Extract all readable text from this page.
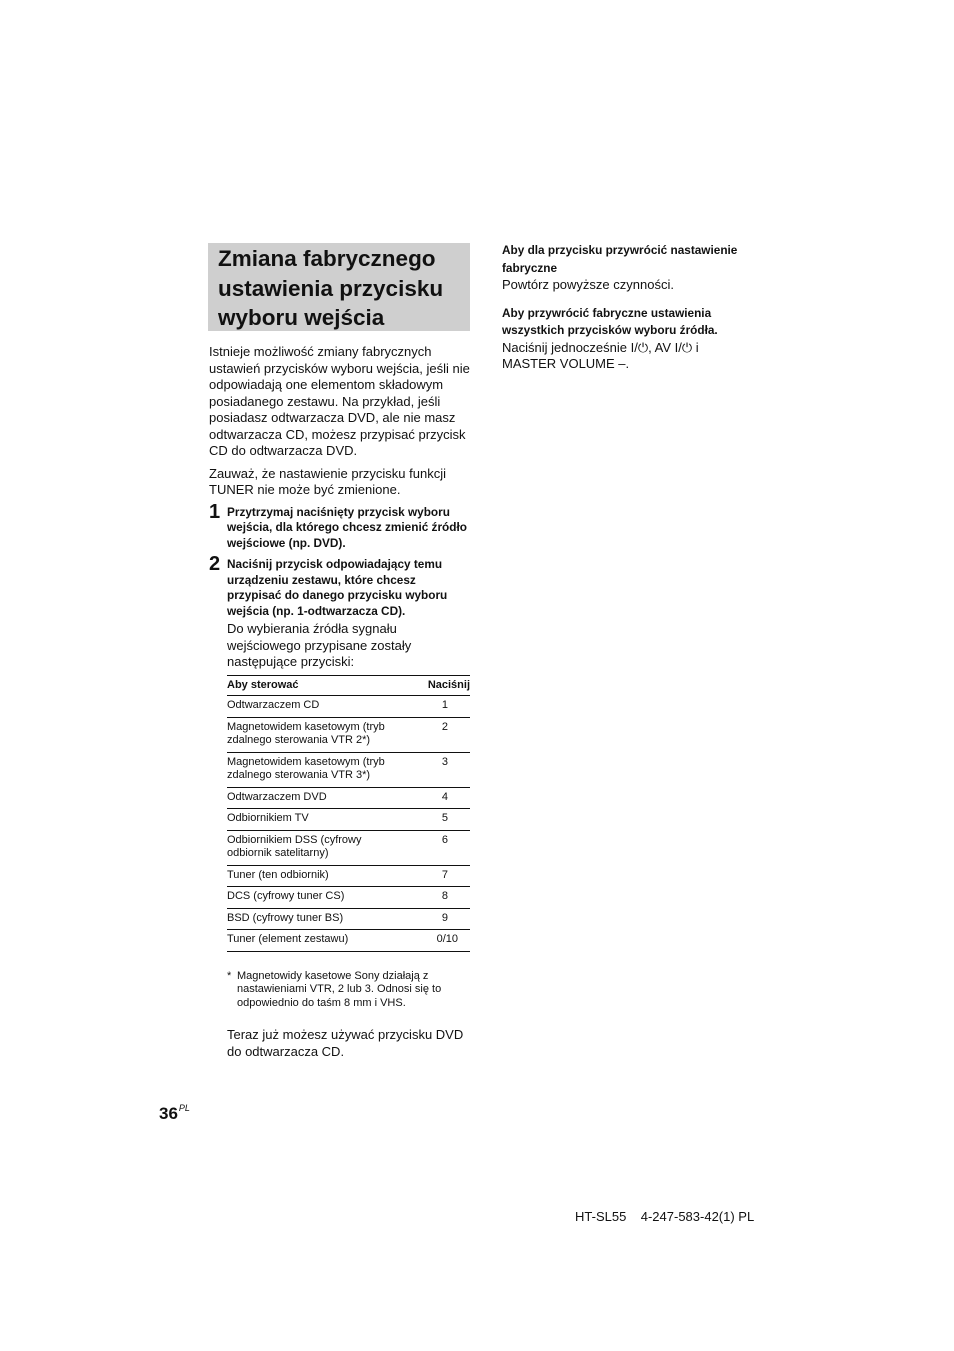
Zmiana fabrycznego ustawienia przycisku wyboru wejścia

Istnieje możliwość zmiany fabrycznych ustawień przycisków wyboru wejścia, jeśli nie odpowiadają one elementom składowym posiadanego zestawu. Na przykład, jeśli posiadasz odtwarzacza DVD, ale nie masz odtwarzacza CD, możesz przypisać przycisk CD do odtwarzacza DVD.

Zauważ, że nastawienie przycisku funkcji TUNER nie może być zmienione.

1 Przytrzymaj naciśnięty przycisk wyboru wejścia, dla którego chcesz zmienić źródło wejściowe (np. DVD).

2 Naciśnij przycisk odpowiadający temu urządzeniu zestawu, które chcesz przypisać do danego przycisku wyboru wejścia (np. 1-odtwarzacza CD).

Do wybierania źródła sygnału wejściowego przypisane zostały następujące przyciski:

Aby sterować	Naciśnij
Odtwarzaczem CD	1
Magnetowidem kasetowym (tryb zdalnego sterowania VTR 2*)	2
Magnetowidem kasetowym (tryb zdalnego sterowania VTR 3*)	3
Odtwarzaczem DVD	4
Odbiornikiem TV	5
Odbiornikiem DSS (cyfrowy odbiornik satelitarny)	6
Tuner (ten odbiornik)	7
DCS (cyfrowy tuner CS)	8
BSD (cyfrowy tuner BS)	9
Tuner (element zestawu)	0/10
* Magnetowidy kasetowe Sony działają z nastawieniami VTR, 2 lub 3. Odnosi się to odpowiednio do taśm 8 mm i VHS.

Teraz już możesz używać przycisku DVD do odtwarzacza CD.

Aby dla przycisku przywrócić nastawienie fabryczne

Powtórz powyższe czynności.

Aby przywrócić fabryczne ustawienia wszystkich przycisków wyboru źródła.

Naciśnij jednocześnie I/⏻, AV I/⏻ i
MASTER VOLUME –.

$36^{PL}$
HT-SL55    4-247-583-42(1) PL
